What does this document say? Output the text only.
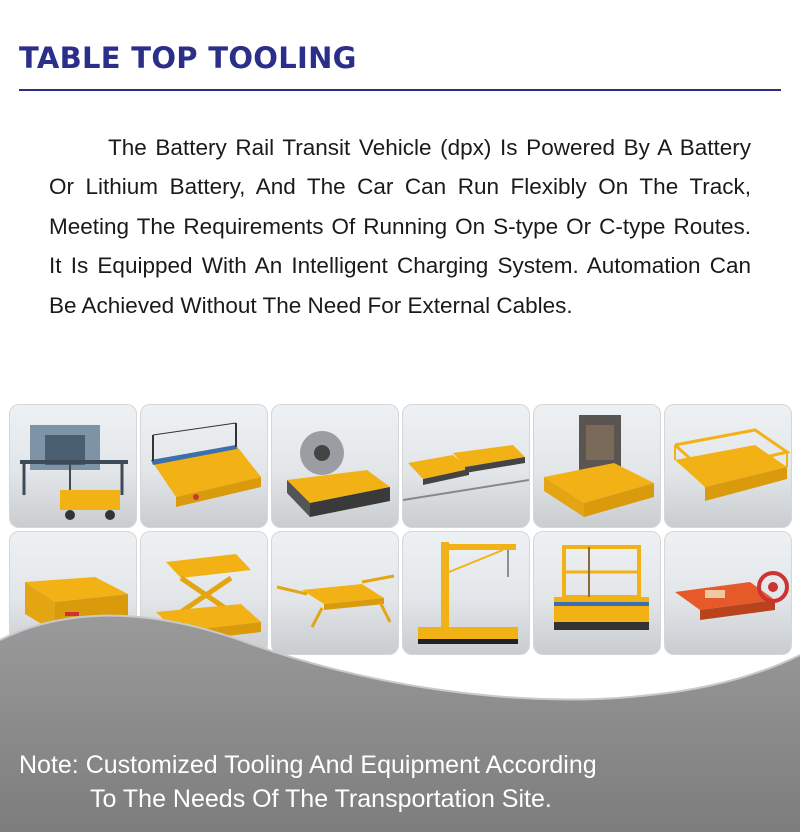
TABLE TOP TOOLING

The Battery Rail Transit Vehicle (dpx) Is Powered By A Battery Or Lithium Battery, And The Car Can Run Flexibly On The Track, Meeting The Requirements Of Running On S-type Or C-type Routes. It Is Equipped With An Intelligent Charging System. Automation Can Be Achieved Without The Need For External Cables.

Note: Customized Tooling And Equipment According
To The Needs Of The Transportation Site.
